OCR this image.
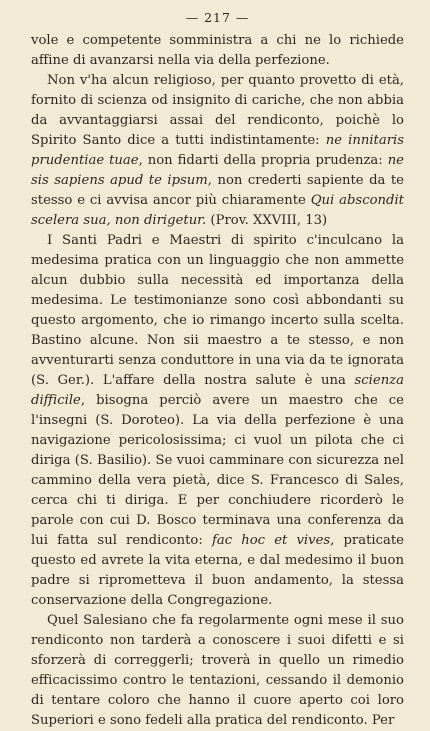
— 217 —

vole e competente somministra a chi ne lo richiede affine di avanzarsi nella via della perfezione.

Non v'ha alcun religioso, per quanto provetto di età, fornito di scienza od insignito di cariche, che non abbia da avvantaggiarsi assai del rendiconto, poichè lo Spirito Santo dice a tutti indistintamente: ne innitaris prudentiae tuae, non fidarti della propria prudenza: ne sis sapiens apud te ipsum, non crederti sapiente da te stesso e ci avvisa ancor più chiaramente Qui abscondit scelera sua, non dirigetur. (Prov. XXVIII, 13)

I Santi Padri e Maestri di spirito c'inculcano la medesima pratica con un linguaggio che non ammette alcun dubbio sulla necessità ed importanza della medesima. Le testimonianze sono così abbondanti su questo argomento, che io rimango incerto sulla scelta. Bastino alcune. Non sii maestro a te stesso, e non avventurarti senza conduttore in una via da te ignorata (S. Ger.). L'affare della nostra salute è una scienza difficile, bisogna perciò avere un maestro che ce l'insegni (S. Doroteo). La via della perfezione è una navigazione pericolosissima; ci vuol un pilota che ci diriga (S. Basilio). Se vuoi camminare con sicurezza nel cammino della vera pietà, dice S. Francesco di Sales, cerca chi ti diriga. E per conchiudere ricorderò le parole con cui D. Bosco terminava una conferenza da lui fatta sul rendiconto: fac hoc et vives, praticate questo ed avrete la vita eterna, e dal medesimo il buon padre si riprometteva il buon andamento, la stessa conservazione della Congregazione.

Quel Salesiano che fa regolarmente ogni mese il suo rendiconto non tarderà a conoscere i suoi difetti e si sforzerà di correggerli; troverà in quello un rimedio efficacissimo contro le tentazioni, cessando il demonio di tentare coloro che hanno il cuore aperto coi loro Superiori e sono fedeli alla pratica del rendiconto. Per
